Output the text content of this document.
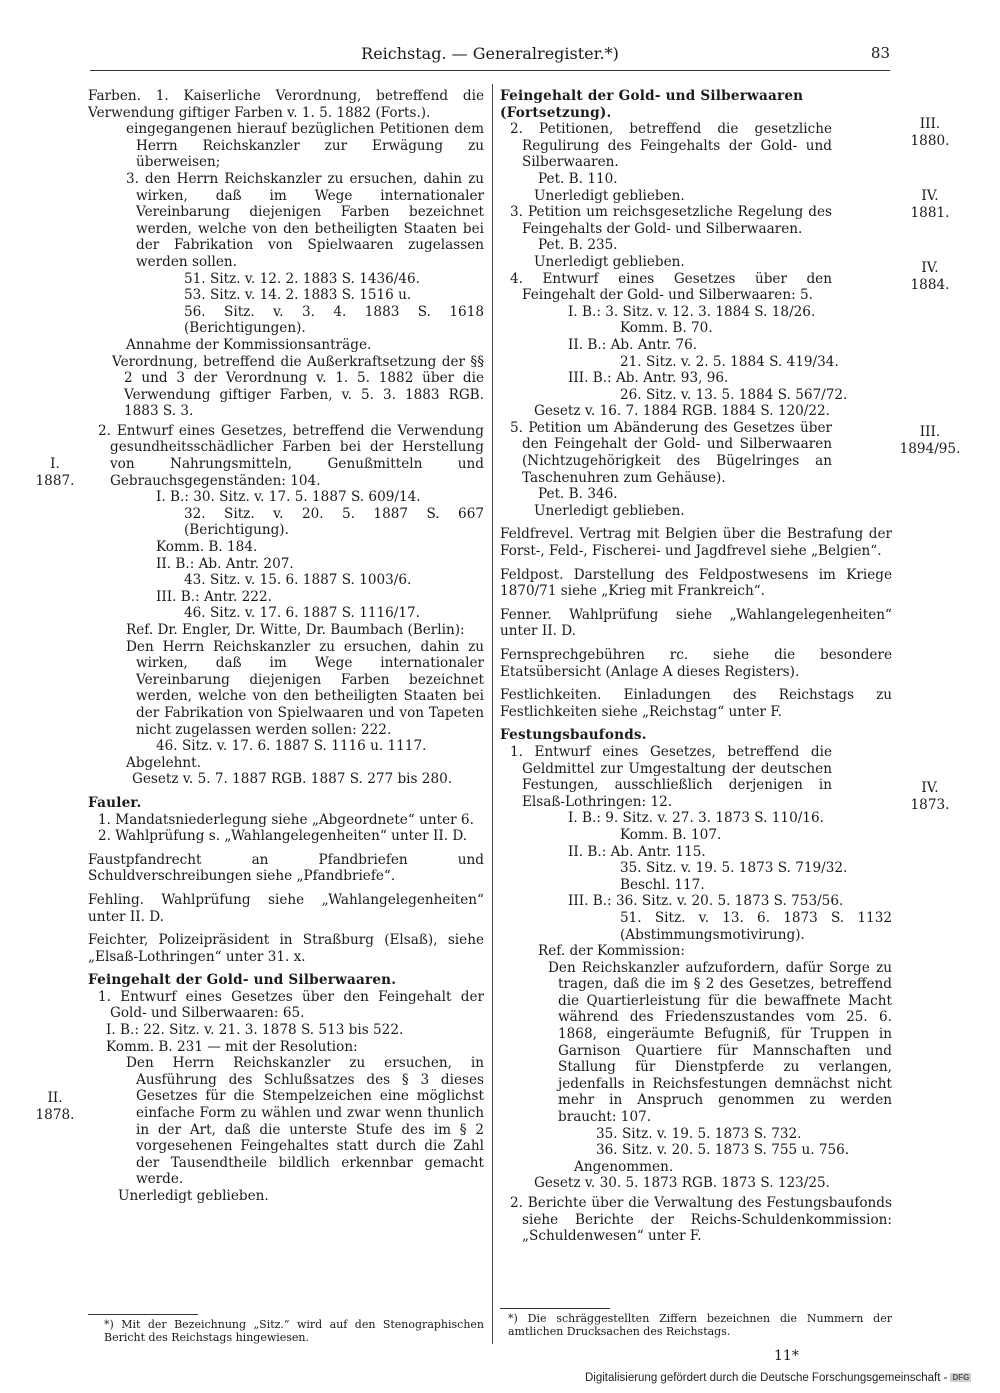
Reichstag. — Generalregister.*)	83
Farben. 1. Kaiserliche Verordnung, betreffend die Verwendung giftiger Farben v. 1. 5. 1882 (Forts.).
eingegangenen hierauf bezüglichen Petitionen dem Herrn Reichskanzler zur Erwägung zu überweisen;
3. den Herrn Reichskanzler zu ersuchen, dahin zu wirken, daß im Wege internationaler Vereinbarung diejenigen Farben bezeichnet werden, welche von den betheiligten Staaten bei der Fabrikation von Spielwaaren zugelassen werden sollen.
51. Sitz. v. 12. 2. 1883 S. 1436/46.
53. Sitz. v. 14. 2. 1883 S. 1516 u.
56. Sitz. v. 3. 4. 1883 S. 1618 (Berichtigungen).
Annahme der Kommissionsanträge.
Verordnung, betreffend die Außerkraftsetzung der §§ 2 und 3 der Verordnung v. 1. 5. 1882 über die Verwendung giftiger Farben, v. 5. 3. 1883 RGB. 1883 S. 3.
2. Entwurf eines Gesetzes, betreffend die Verwendung gesundheitsschädlicher Farben bei der Herstellung von Nahrungsmitteln, Genußmitteln und Gebrauchsgegenständen: 104.
I. B.: 30. Sitz. v. 17. 5. 1887 S. 609/14.
32. Sitz. v. 20. 5. 1887 S. 667 (Berichtigung).
Komm. B. 184.
II. B.: Ab. Antr. 207.
43. Sitz. v. 15. 6. 1887 S. 1003/6.
III. B.: Antr. 222.
46. Sitz. v. 17. 6. 1887 S. 1116/17.
Ref. Dr. Engler, Dr. Witte, Dr. Baumbach (Berlin):
Den Herrn Reichskanzler zu ersuchen, dahin zu wirken, daß im Wege internationaler Vereinbarung diejenigen Farben bezeichnet werden, welche von den betheiligten Staaten bei der Fabrikation von Spielwaaren und von Tapeten nicht zugelassen werden sollen: 222.
46. Sitz. v. 17. 6. 1887 S. 1116 u. 1117.
Abgelehnt.
Gesetz v. 5. 7. 1887 RGB. 1887 S. 277 bis 280.
Fauler.
1. Mandatsniederlegung siehe „Abgeordnete“ unter 6.
2. Wahlprüfung s. „Wahlangelegenheiten“ unter II. D.
Faustpfandrecht an Pfandbriefen und Schuldverschreibungen siehe „Pfandbriefe“.
Fehling. Wahlprüfung siehe „Wahlangelegenheiten“ unter II. D.
Feichter, Polizeipräsident in Straßburg (Elsaß), siehe „Elsaß-Lothringen“ unter 31. x.
Feingehalt der Gold- und Silberwaaren.
1. Entwurf eines Gesetzes über den Feingehalt der Gold- und Silberwaaren: 65.
I. B.: 22. Sitz. v. 21. 3. 1878 S. 513 bis 522.
Komm. B. 231 — mit der Resolution:
Den Herrn Reichskanzler zu ersuchen, in Ausführung des Schlußsatzes des § 3 dieses Gesetzes für die Stempelzeichen eine möglichst einfache Form zu wählen und zwar wenn thunlich in der Art, daß die unterste Stufe des im § 2 vorgesehenen Feingehaltes statt durch die Zahl der Tausendtheile bildlich erkennbar gemacht werde.
Unerledigt geblieben.
I.
1887.
II.
1878.
*) Mit der Bezeichnung „Sitz.“ wird auf den Stenographischen Bericht des Reichstags hingewiesen.
Feingehalt der Gold- und Silberwaaren (Fortsetzung).
2. Petitionen, betreffend die gesetzliche Regulirung des Feingehalts der Gold- und Silberwaaren.
Pet. B. 110.
Unerledigt geblieben.
3. Petition um reichsgesetzliche Regelung des Feingehalts der Gold- und Silberwaaren.
Pet. B. 235.
Unerledigt geblieben.
4. Entwurf eines Gesetzes über den Feingehalt der Gold- und Silberwaaren: 5.
I. B.: 3. Sitz. v. 12. 3. 1884 S. 18/26.
Komm. B. 70.
II. B.: Ab. Antr. 76.
21. Sitz. v. 2. 5. 1884 S. 419/34.
III. B.: Ab. Antr. 93, 96.
26. Sitz. v. 13. 5. 1884 S. 567/72.
Gesetz v. 16. 7. 1884 RGB. 1884 S. 120/22.
5. Petition um Abänderung des Gesetzes über den Feingehalt der Gold- und Silberwaaren (Nichtzugehörigkeit des Bügelringes an Taschenuhren zum Gehäuse).
Pet. B. 346.
Unerledigt geblieben.
Feldfrevel. Vertrag mit Belgien über die Bestrafung der Forst-, Feld-, Fischerei- und Jagdfrevel siehe „Belgien“.
Feldpost. Darstellung des Feldpostwesens im Kriege 1870/71 siehe „Krieg mit Frankreich“.
Fenner. Wahlprüfung siehe „Wahlangelegenheiten“ unter II. D.
Fernsprechgebühren rc. siehe die besondere Etatsübersicht (Anlage A dieses Registers).
Festlichkeiten. Einladungen des Reichstags zu Festlichkeiten siehe „Reichstag“ unter F.
Festungsbaufonds.
1. Entwurf eines Gesetzes, betreffend die Geldmittel zur Umgestaltung der deutschen Festungen, ausschließlich derjenigen in Elsaß-Lothringen: 12.
I. B.: 9. Sitz. v. 27. 3. 1873 S. 110/16.
Komm. B. 107.
II. B.: Ab. Antr. 115.
35. Sitz. v. 19. 5. 1873 S. 719/32.
Beschl. 117.
III. B.: 36. Sitz. v. 20. 5. 1873 S. 753/56.
51. Sitz. v. 13. 6. 1873 S. 1132 (Abstimmungsmotivirung).
Ref. der Kommission:
Den Reichskanzler aufzufordern, dafür Sorge zu tragen, daß die im § 2 des Gesetzes, betreffend die Quartierleistung für die bewaffnete Macht während des Friedenszustandes vom 25. 6. 1868, eingeräumte Befugniß, für Truppen in Garnison Quartiere für Mannschaften und Stallung für Dienstpferde zu verlangen, jedenfalls in Reichsfestungen demnächst nicht mehr in Anspruch genommen zu werden braucht: 107.
35. Sitz. v. 19. 5. 1873 S. 732.
36. Sitz. v. 20. 5. 1873 S. 755 u. 756.
Angenommen.
Gesetz v. 30. 5. 1873 RGB. 1873 S. 123/25.
2. Berichte über die Verwaltung des Festungsbaufonds siehe Berichte der Reichs-Schuldenkommission: „Schuldenwesen“ unter F.
III.
1880.
IV.
1881.
IV.
1884.
III.
1894/95.
IV.
1873.
*) Die schräggestellten Ziffern bezeichnen die Nummern der amtlichen Drucksachen des Reichstags.
11*
Digitalisierung gefördert durch die Deutsche Forschungsgemeinschaft - DFG
